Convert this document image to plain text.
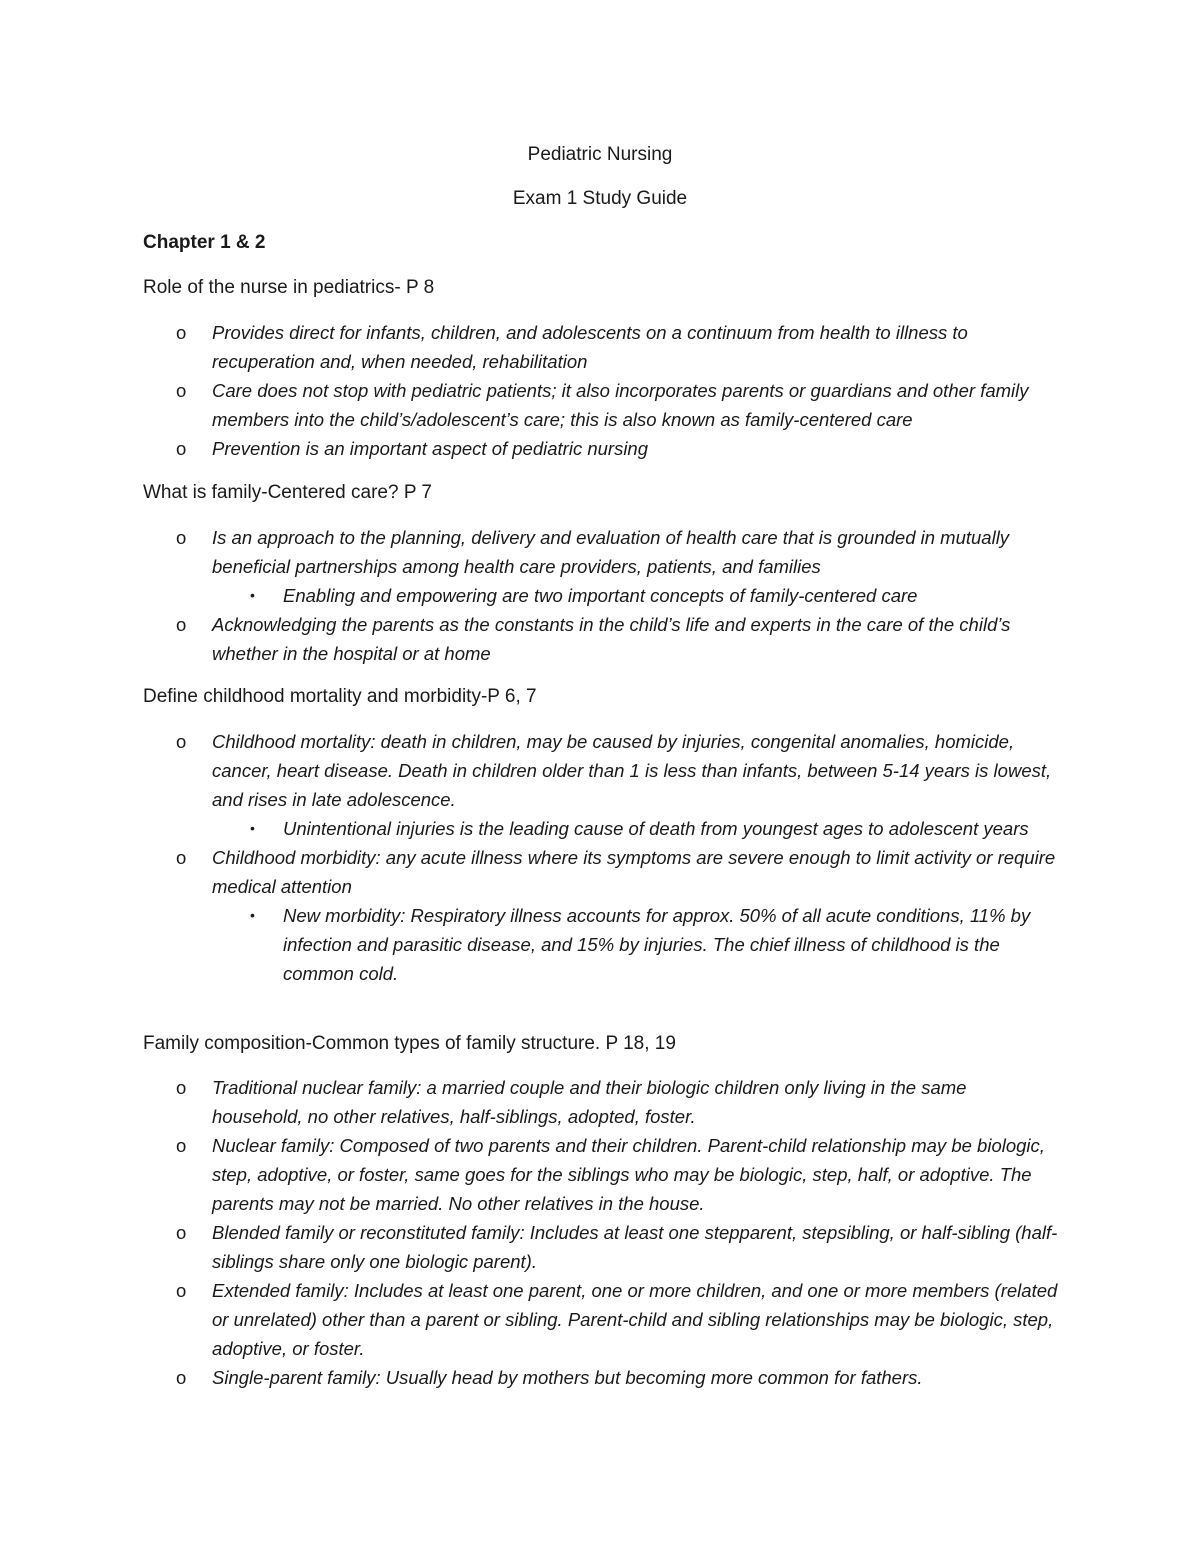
Pediatric Nursing
Exam 1 Study Guide
Chapter 1 & 2
Role of the nurse in pediatrics- P 8
o Provides direct for infants, children, and adolescents on a continuum from health to illness to recuperation and, when needed, rehabilitation
o Care does not stop with pediatric patients; it also incorporates parents or guardians and other family members into the child’s/adolescent’s care; this is also known as family-centered care
o Prevention is an important aspect of pediatric nursing
What is family-Centered care? P 7
o Is an approach to the planning, delivery and evaluation of health care that is grounded in mutually beneficial partnerships among health care providers, patients, and families
• Enabling and empowering are two important concepts of family-centered care
o Acknowledging the parents as the constants in the child’s life and experts in the care of the child’s whether in the hospital or at home
Define childhood mortality and morbidity-P 6, 7
o Childhood mortality: death in children, may be caused by injuries, congenital anomalies, homicide, cancer, heart disease. Death in children older than 1 is less than infants, between 5-14 years is lowest, and rises in late adolescence.
• Unintentional injuries is the leading cause of death from youngest ages to adolescent years
o Childhood morbidity: any acute illness where its symptoms are severe enough to limit activity or require medical attention
• New morbidity: Respiratory illness accounts for approx. 50% of all acute conditions, 11% by infection and parasitic disease, and 15% by injuries. The chief illness of childhood is the common cold.
Family composition-Common types of family structure. P 18, 19
o Traditional nuclear family: a married couple and their biologic children only living in the same household, no other relatives, half-siblings, adopted, foster.
o Nuclear family: Composed of two parents and their children. Parent-child relationship may be biologic, step, adoptive, or foster, same goes for the siblings who may be biologic, step, half, or adoptive. The parents may not be married. No other relatives in the house.
o Blended family or reconstituted family: Includes at least one stepparent, stepsibling, or half-sibling (half-siblings share only one biologic parent).
o Extended family: Includes at least one parent, one or more children, and one or more members (related or unrelated) other than a parent or sibling. Parent-child and sibling relationships may be biologic, step, adoptive, or foster.
o Single-parent family: Usually head by mothers but becoming more common for fathers.
